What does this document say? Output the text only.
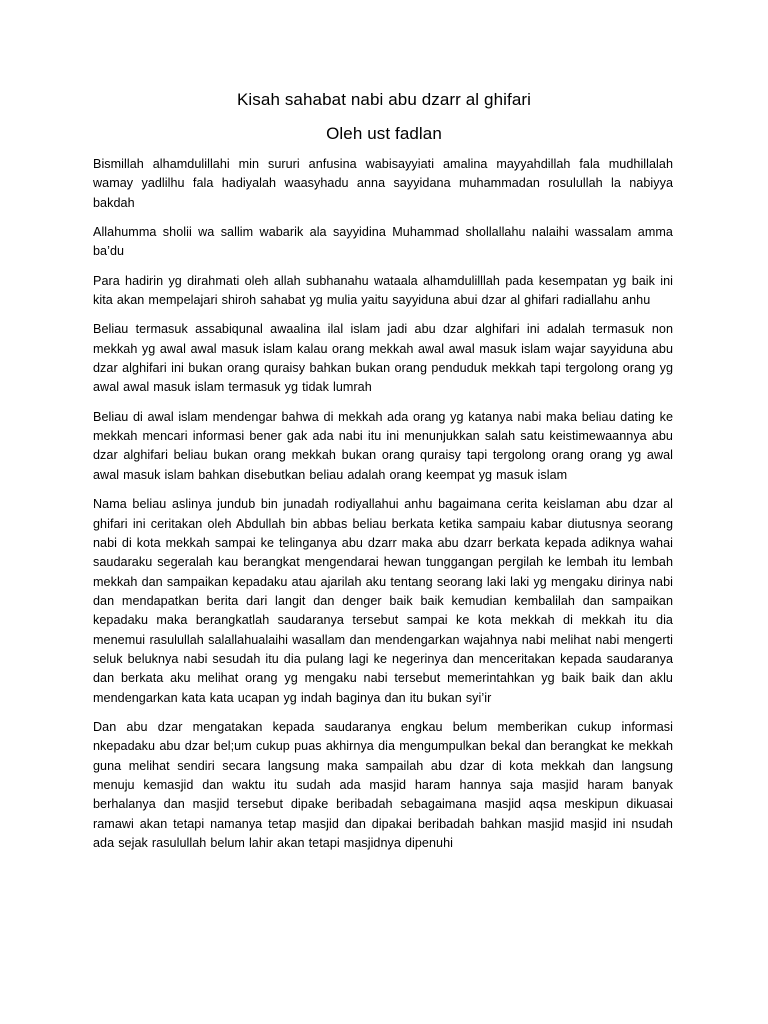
Kisah sahabat nabi abu dzarr al ghifari
Oleh ust fadlan

Bismillah alhamdulillahi min sururi anfusina wabisayyiati amalina mayyahdillah fala mudhillalah wamay yadlilhu fala hadiyalah waasyhadu anna sayyidana muhammadan rosulullah la nabiyya bakdah

Allahumma sholii wa sallim wabarik ala sayyidina Muhammad shollallahu nalaihi wassalam amma ba’du

Para hadirin yg dirahmati oleh allah subhanahu wataala alhamdulilllah pada kesempatan yg baik ini kita akan mempelajari shiroh sahabat yg mulia yaitu sayyiduna abui dzar al ghifari radiallahu anhu

Beliau termasuk assabiqunal awaalina ilal islam jadi abu dzar alghifari ini adalah termasuk non mekkah yg awal awal masuk islam kalau orang mekkah awal awal masuk islam wajar sayyiduna abu dzar alghifari ini bukan orang quraisy bahkan bukan orang penduduk mekkah tapi tergolong orang yg awal awal masuk islam termasuk yg tidak lumrah

Beliau di awal islam mendengar bahwa di mekkah ada orang yg katanya nabi maka beliau dating ke mekkah mencari informasi bener gak ada nabi itu ini menunjukkan salah satu keistimewaannya abu dzar alghifari beliau bukan orang mekkah bukan orang quraisy tapi tergolong orang orang yg awal awal masuk islam bahkan disebutkan beliau adalah orang keempat yg masuk islam

Nama beliau aslinya jundub bin junadah rodiyallahui anhu bagaimana cerita keislaman abu dzar al ghifari ini ceritakan oleh Abdullah bin abbas beliau berkata ketika sampaiu kabar diutusnya seorang nabi di kota mekkah sampai ke telinganya abu dzarr maka abu dzarr berkata kepada adiknya wahai saudaraku segeralah kau berangkat mengendarai hewan tunggangan pergilah ke lembah itu lembah mekkah dan sampaikan kepadaku atau ajarilah aku tentang seorang laki laki yg mengaku dirinya nabi dan mendapatkan berita dari langit dan denger baik baik kemudian kembalilah dan sampaikan kepadaku maka berangkatlah saudaranya tersebut sampai ke kota mekkah di mekkah itu dia menemui rasulullah salallahualaihi wasallam dan mendengarkan wajahnya nabi melihat nabi mengerti seluk beluknya nabi sesudah itu dia pulang lagi ke negerinya dan menceritakan kepada saudaranya dan berkata aku melihat orang yg mengaku nabi tersebut memerintahkan yg baik baik dan aklu mendengarkan kata kata ucapan yg indah baginya dan itu bukan syi’ir

Dan abu dzar mengatakan kepada saudaranya engkau belum memberikan cukup informasi nkepadaku abu dzar bel;um cukup puas akhirnya dia mengumpulkan bekal dan berangkat ke mekkah guna melihat sendiri secara langsung maka sampailah abu dzar di kota mekkah dan langsung menuju kemasjid dan waktu itu sudah ada masjid haram hannya saja masjid haram banyak berhalanya dan masjid tersebut dipake beribadah sebagaimana masjid aqsa meskipun dikuasai ramawi akan tetapi namanya tetap masjid dan dipakai beribadah bahkan masjid masjid ini nsudah ada sejak rasulullah belum lahir akan tetapi masjidnya dipenuhi
